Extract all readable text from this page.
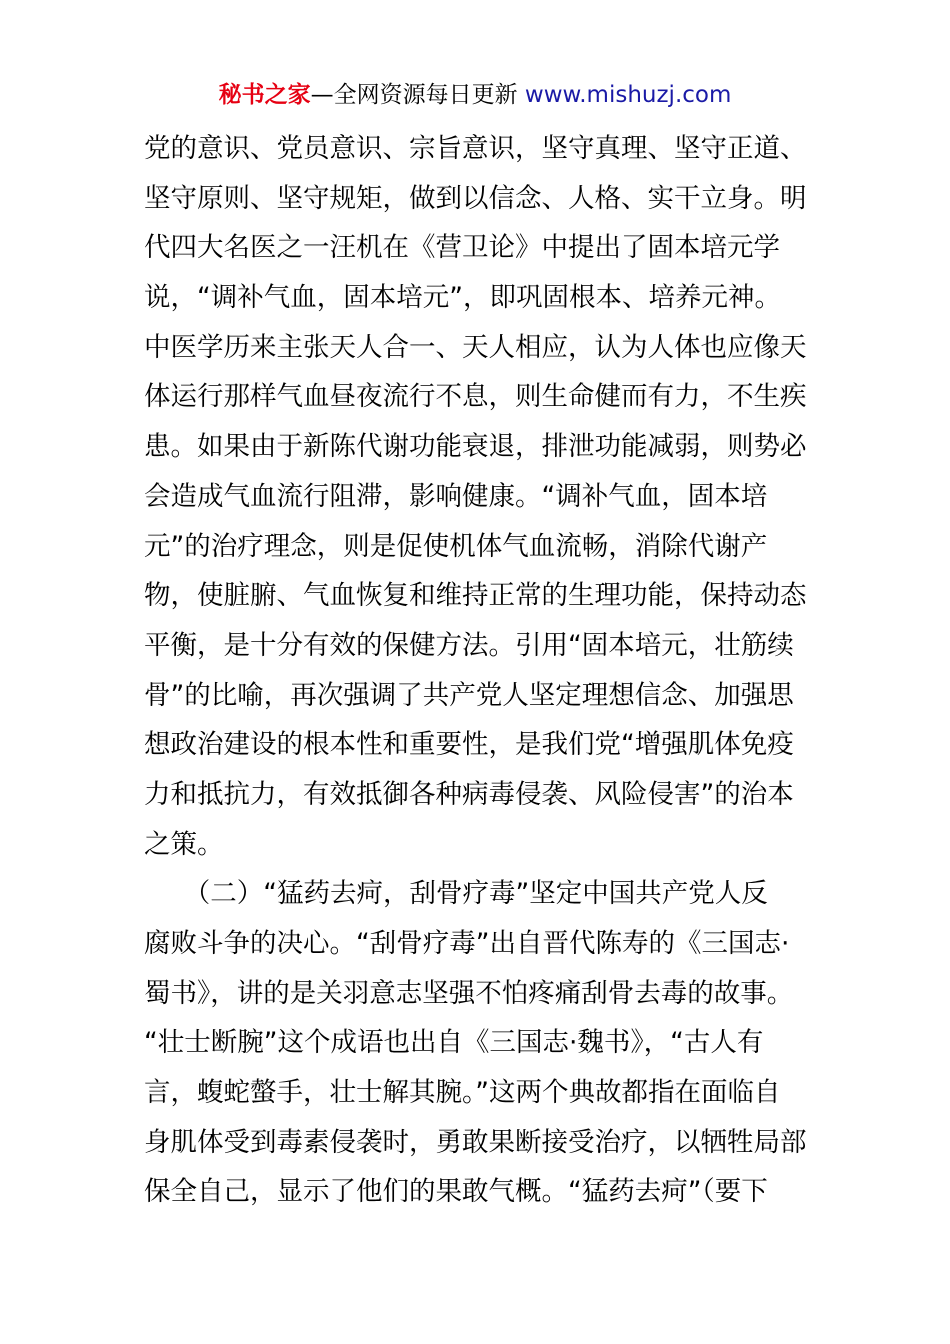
秘书之家—全网资源每日更新 www.mishuzj.com
党的意识、党员意识、宗旨意识，坚守真理、坚守正道、
坚守原则、坚守规矩，做到以信念、人格、实干立身。明
代四大名医之一汪机在《营卫论》中提出了固本培元学
说，“调补气血，固本培元”，即巩固根本、培养元神。
中医学历来主张天人合一、天人相应，认为人体也应像天
体运行那样气血昼夜流行不息，则生命健而有力，不生疾
患。如果由于新陈代谢功能衰退，排泄功能减弱，则势必
会造成气血流行阻滞，影响健康。“调补气血，固本培
元”的治疗理念，则是促使机体气血流畅，消除代谢产
物，使脏腑、气血恢复和维持正常的生理功能，保持动态
平衡，是十分有效的保健方法。引用“固本培元，壮筋续
骨”的比喻，再次强调了共产党人坚定理想信念、加强思
想政治建设的根本性和重要性，是我们党“增强肌体免疫
力和抵抗力，有效抵御各种病毒侵袭、风险侵害”的治本
之策。
　　（二）“猛药去疴，刮骨疗毒”坚定中国共产党人反
腐败斗争的决心。“刮骨疗毒”出自晋代陈寿的《三国志·
蜀书》，讲的是关羽意志坚强不怕疼痛刮骨去毒的故事。
“壮士断腕”这个成语也出自《三国志·魏书》，“古人有
言，蝮蛇螫手，壮士解其腕。”这两个典故都指在面临自
身肌体受到毒素侵袭时，勇敢果断接受治疗，以牺牲局部
保全自己，显示了他们的果敢气概。“猛药去疴”（要下
